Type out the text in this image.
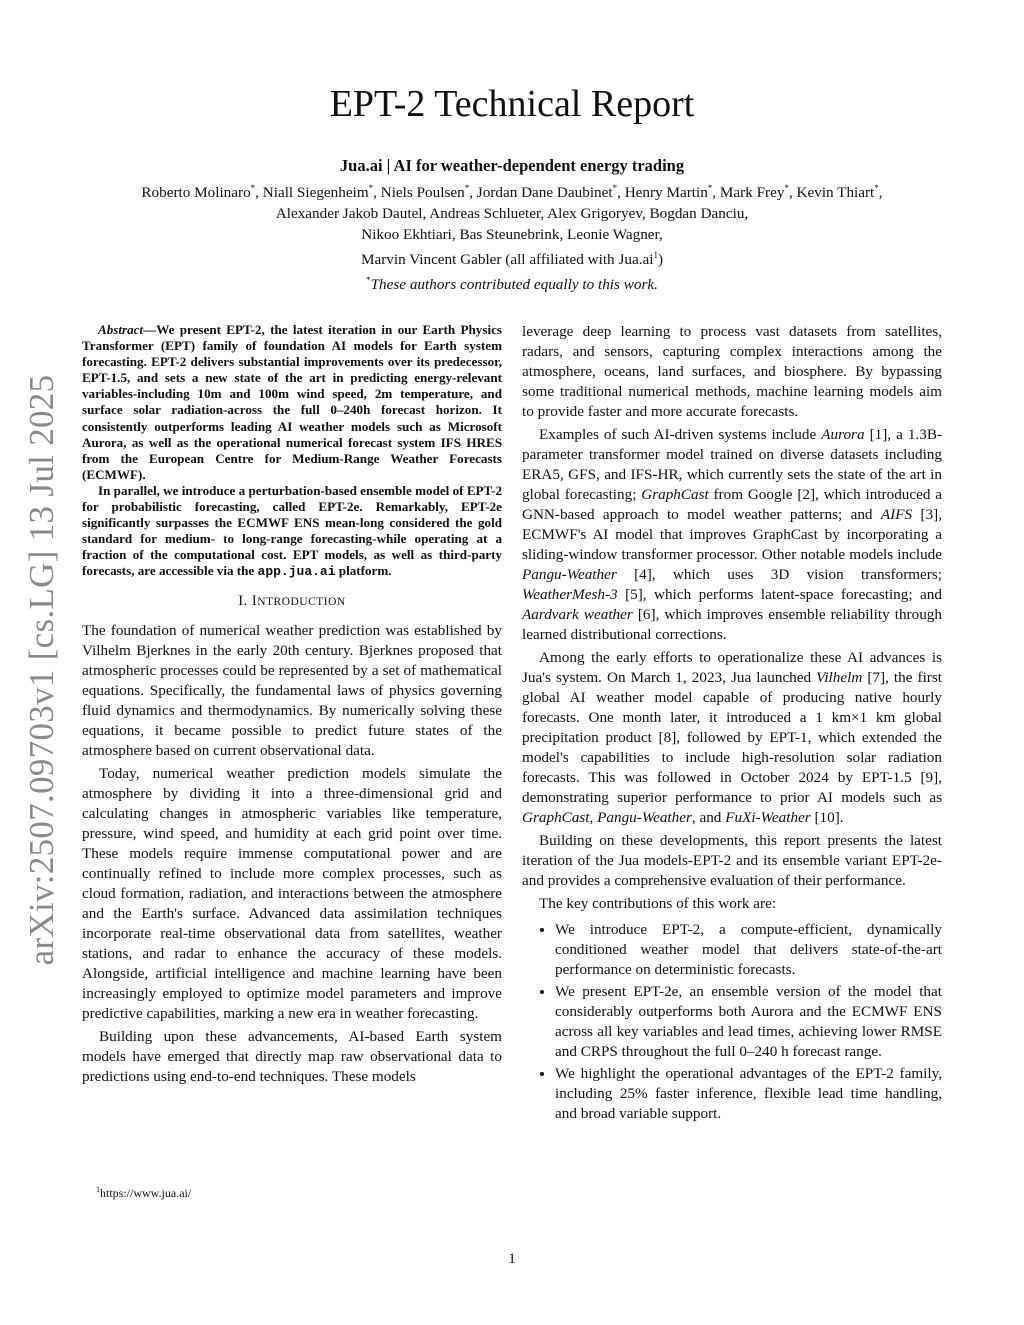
arXiv:2507.09703v1 [cs.LG] 13 Jul 2025
EPT-2 Technical Report
Jua.ai | AI for weather-dependent energy trading
Roberto Molinaro*, Niall Siegenheim*, Niels Poulsen*, Jordan Dane Daubinet*, Henry Martin*, Mark Frey*, Kevin Thiart*,
Alexander Jakob Dautel, Andreas Schlueter, Alex Grigoryev, Bogdan Danciu,
Nikoo Ekhtiari, Bas Steunebrink, Leonie Wagner,
Marvin Vincent Gabler (all affiliated with $Jua.ai^1$)
*These authors contributed equally to this work.

Abstract—We present EPT-2, the latest iteration in our Earth Physics Transformer (EPT) family of foundation AI models for Earth system forecasting. EPT-2 delivers substantial improvements over its predecessor, EPT-1.5, and sets a new state of the art in predicting energy-relevant variables-including 10m and 100m wind speed, 2m temperature, and surface solar radiation-across the full 0–240h forecast horizon. It consistently outperforms leading AI weather models such as Microsoft Aurora, as well as the operational numerical forecast system IFS HRES from the European Centre for Medium-Range Weather Forecasts (ECMWF).

In parallel, we introduce a perturbation-based ensemble model of EPT-2 for probabilistic forecasting, called EPT-2e. Remarkably, EPT-2e significantly surpasses the ECMWF ENS mean-long considered the gold standard for medium- to long-range forecasting-while operating at a fraction of the computational cost. EPT models, as well as third-party forecasts, are accessible via the app.jua.ai platform.

I. INTRODUCTION

The foundation of numerical weather prediction was established by Vilhelm Bjerknes in the early 20th century. Bjerknes proposed that atmospheric processes could be represented by a set of mathematical equations. Specifically, the fundamental laws of physics governing fluid dynamics and thermodynamics. By numerically solving these equations, it became possible to predict future states of the atmosphere based on current observational data.

Today, numerical weather prediction models simulate the atmosphere by dividing it into a three-dimensional grid and calculating changes in atmospheric variables like temperature, pressure, wind speed, and humidity at each grid point over time. These models require immense computational power and are continually refined to include more complex processes, such as cloud formation, radiation, and interactions between the atmosphere and the Earth's surface. Advanced data assimilation techniques incorporate real-time observational data from satellites, weather stations, and radar to enhance the accuracy of these models. Alongside, artificial intelligence and machine learning have been increasingly employed to optimize model parameters and improve predictive capabilities, marking a new era in weather forecasting.

Building upon these advancements, AI-based Earth system models have emerged that directly map raw observational data to predictions using end-to-end techniques. These models

leverage deep learning to process vast datasets from satellites, radars, and sensors, capturing complex interactions among the atmosphere, oceans, land surfaces, and biosphere. By bypassing some traditional numerical methods, machine learning models aim to provide faster and more accurate forecasts.

Examples of such AI-driven systems include Aurora [1], a 1.3B-parameter transformer model trained on diverse datasets including ERA5, GFS, and IFS-HR, which currently sets the state of the art in global forecasting; GraphCast from Google [2], which introduced a GNN-based approach to model weather patterns; and AIFS [3], ECMWF's AI model that improves GraphCast by incorporating a sliding-window transformer processor. Other notable models include Pangu-Weather [4], which uses 3D vision transformers; WeatherMesh-3 [5], which performs latent-space forecasting; and Aardvark weather [6], which improves ensemble reliability through learned distributional corrections.

Among the early efforts to operationalize these AI advances is Jua's system. On March 1, 2023, Jua launched Vilhelm [7], the first global AI weather model capable of producing native hourly forecasts. One month later, it introduced a 1 km×1 km global precipitation product [8], followed by EPT-1, which extended the model's capabilities to include high-resolution solar radiation forecasts. This was followed in October 2024 by EPT-1.5 [9], demonstrating superior performance to prior AI models such as GraphCast, Pangu-Weather, and FuXi-Weather [10].

Building on these developments, this report presents the latest iteration of the Jua models-EPT-2 and its ensemble variant EPT-2e-and provides a comprehensive evaluation of their performance.

The key contributions of this work are:

• We introduce EPT-2, a compute-efficient, dynamically conditioned weather model that delivers state-of-the-art performance on deterministic forecasts.
• We present EPT-2e, an ensemble version of the model that considerably outperforms both Aurora and the ECMWF ENS across all key variables and lead times, achieving lower RMSE and CRPS throughout the full 0–240 h forecast range.
• We highlight the operational advantages of the EPT-2 family, including 25% faster inference, flexible lead time handling, and broad variable support.
$^1$https://www.jua.ai/
1
